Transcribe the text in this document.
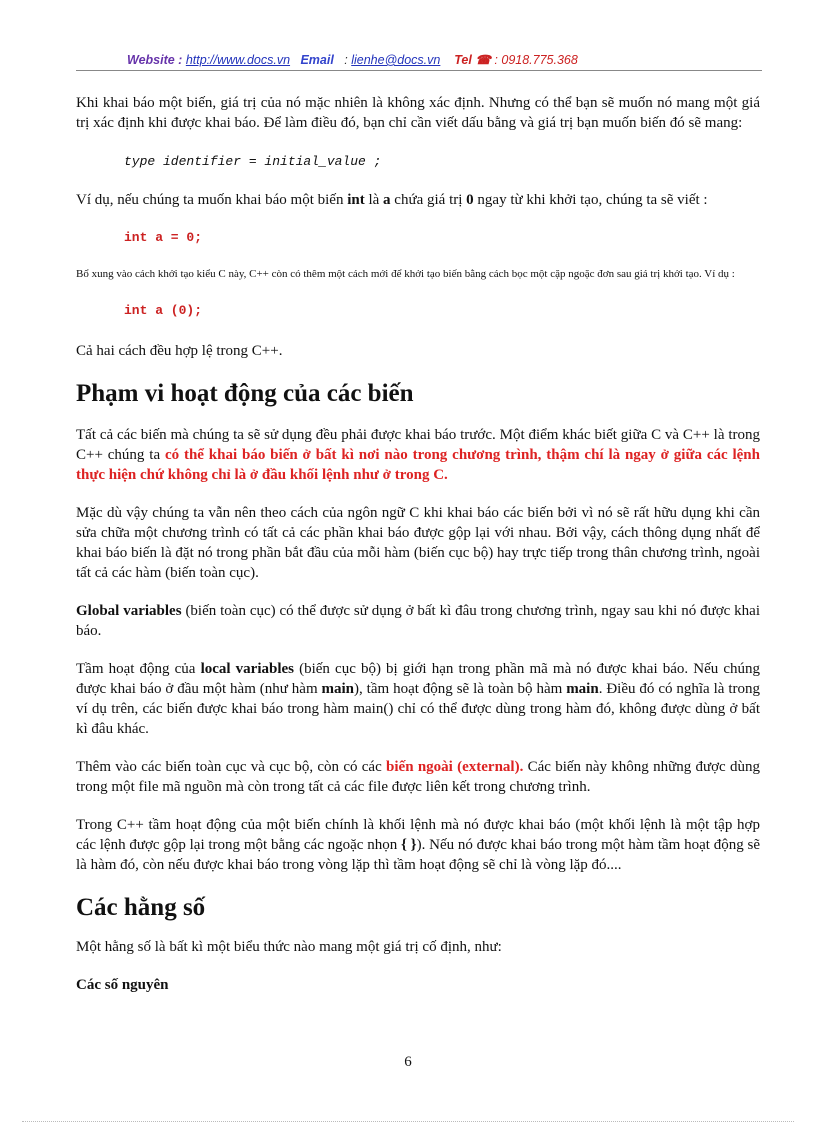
Website : http://www.docs.vn Email : lienhe@docs.vn Tel ☎ : 0918.775.368

Khi khai báo một biến, giá trị của nó mặc nhiên là không xác định. Nhưng có thể bạn sẽ muốn nó mang một giá trị xác định khi được khai báo. Để làm điều đó, bạn chỉ cần viết dấu bằng và giá trị bạn muốn biến đó sẽ mang:

type identifier = initial_value ;

Ví dụ, nếu chúng ta muốn khai báo một biến int là a chứa giá trị 0 ngay từ khi khởi tạo, chúng ta sẽ viết :

int a = 0;

Bổ xung vào cách khởi tạo kiểu C này, C++ còn có thêm một cách mới để khởi tạo biến bằng cách bọc một cặp ngoặc đơn sau giá trị khởi tạo. Ví dụ :

int a (0);

Cả hai cách đều hợp lệ trong C++.

Phạm vi hoạt động của các biến

Tất cả các biến mà chúng ta sẽ sử dụng đều phải được khai báo trước. Một điểm khác biết giữa C và C++ là trong C++ chúng ta có thể khai báo biến ở bất kì nơi nào trong chương trình, thậm chí là ngay ở giữa các lệnh thực hiện chứ không chỉ là ở đầu khối lệnh như ở trong C.

Mặc dù vậy chúng ta vẫn nên theo cách của ngôn ngữ C khi khai báo các biến bởi vì nó sẽ rất hữu dụng khi cần sửa chữa một chương trình có tất cả các phần khai báo được gộp lại với nhau. Bởi vậy, cách thông dụng nhất để khai báo biến là đặt nó trong phần bắt đầu của mỗi hàm (biến cục bộ) hay trực tiếp trong thân chương trình, ngoài tất cả các hàm (biến toàn cục).

Global variables (biến toàn cục) có thể được sử dụng ở bất kì đâu trong chương trình, ngay sau khi nó được khai báo.

Tầm hoạt động của local variables (biến cục bộ) bị giới hạn trong phần mã mà nó được khai báo. Nếu chúng được khai báo ở đầu một hàm (như hàm main), tầm hoạt động sẽ là toàn bộ hàm main. Điều đó có nghĩa là trong ví dụ trên, các biến được khai báo trong hàm main() chỉ có thể được dùng trong hàm đó, không được dùng ở bất kì đâu khác.

Thêm vào các biến toàn cục và cục bộ, còn có các biến ngoài (external). Các biến này không những được dùng trong một file mã nguồn mà còn trong tất cả các file được liên kết trong chương trình.

Trong C++ tầm hoạt động của một biến chính là khối lệnh mà nó được khai báo (một khối lệnh là một tập hợp các lệnh được gộp lại trong một bằng các ngoặc nhọn { }). Nếu nó được khai báo trong một hàm tầm hoạt động sẽ là hàm đó, còn nếu được khai báo trong vòng lặp thì tầm hoạt động sẽ chỉ là vòng lặp đó....

Các hằng số

Một hằng số là bất kì một biểu thức nào mang một giá trị cố định, như:

Các số nguyên

6
